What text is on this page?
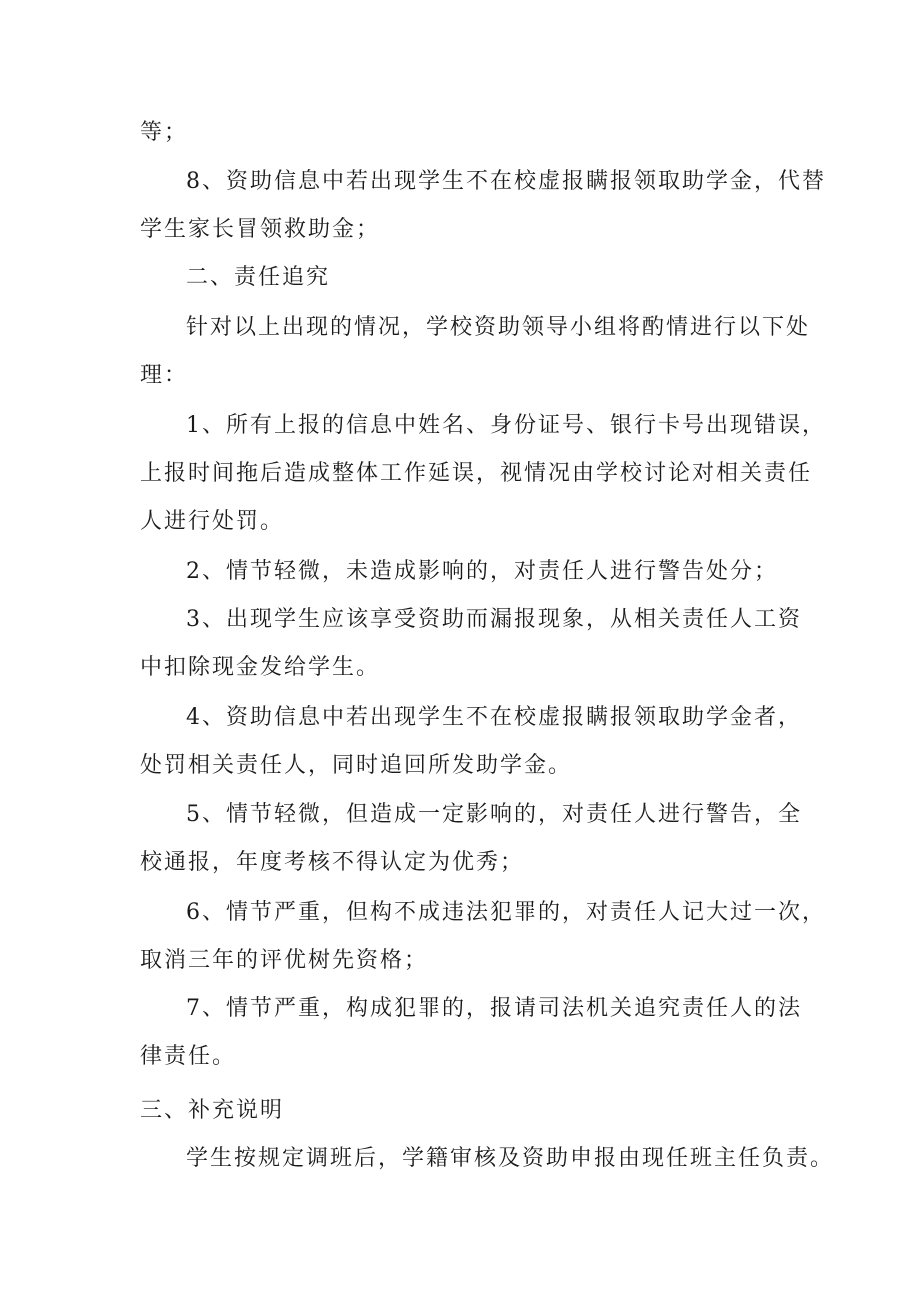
等；
8、资助信息中若出现学生不在校虚报瞒报领取助学金，代替
学生家长冒领救助金；
二、责任追究
针对以上出现的情况，学校资助领导小组将酌情进行以下处
理：
1、所有上报的信息中姓名、身份证号、银行卡号出现错误，
上报时间拖后造成整体工作延误，视情况由学校讨论对相关责任
人进行处罚。
2、情节轻微，未造成影响的，对责任人进行警告处分；
3、出现学生应该享受资助而漏报现象，从相关责任人工资
中扣除现金发给学生。
4、资助信息中若出现学生不在校虚报瞒报领取助学金者，
处罚相关责任人，同时追回所发助学金。
5、情节轻微，但造成一定影响的，对责任人进行警告，全
校通报，年度考核不得认定为优秀；
6、情节严重，但构不成违法犯罪的，对责任人记大过一次，
取消三年的评优树先资格；
7、情节严重，构成犯罪的，报请司法机关追究责任人的法
律责任。
三、补充说明
学生按规定调班后，学籍审核及资助申报由现任班主任负责。
